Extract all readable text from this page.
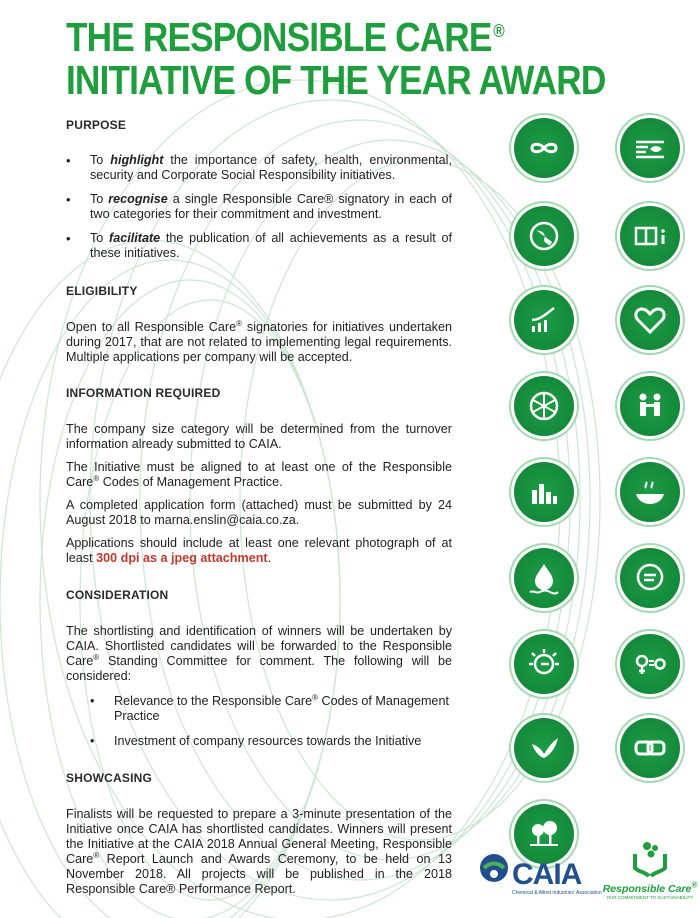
THE RESPONSIBLE CARE®
INITIATIVE OF THE YEAR AWARD
PURPOSE
• To highlight the importance of safety, health, environmental, security and Corporate Social Responsibility initiatives.
• To recognise a single Responsible Care® signatory in each of two categories for their commitment and investment.
• To facilitate the publication of all achievements as a result of these initiatives.
ELIGIBILITY

Open to all Responsible Care® signatories for initiatives undertaken during 2017, that are not related to implementing legal requirements. Multiple applications per company will be accepted.

INFORMATION REQUIRED

The company size category will be determined from the turnover information already submitted to CAIA.

The Initiative must be aligned to at least one of the Responsible Care® Codes of Management Practice.

A completed application form (attached) must be submitted by 24 August 2018 to marna.enslin@caia.co.za.

Applications should include at least one relevant photograph of at least 300 dpi as a jpeg attachment.

CONSIDERATION

The shortlisting and identification of winners will be undertaken by CAIA. Shortlisted candidates will be forwarded to the Responsible Care® Standing Committee for comment. The following will be considered:

• Relevance to the Responsible Care® Codes of Management Practice
• Investment of company resources towards the Initiative
SHOWCASING

Finalists will be requested to prepare a 3-minute presentation of the Initiative once CAIA has shortlisted candidates. Winners will present the Initiative at the CAIA 2018 Annual General Meeting, Responsible Care® Report Launch and Awards Ceremony, to be held on 13 November 2018. All projects will be published in the 2018 Responsible Care® Performance Report.	CAIA
Chemical & Allied Industries' Association Responsible Care®
OUR COMMITMENT TO SUSTAINABILITY
